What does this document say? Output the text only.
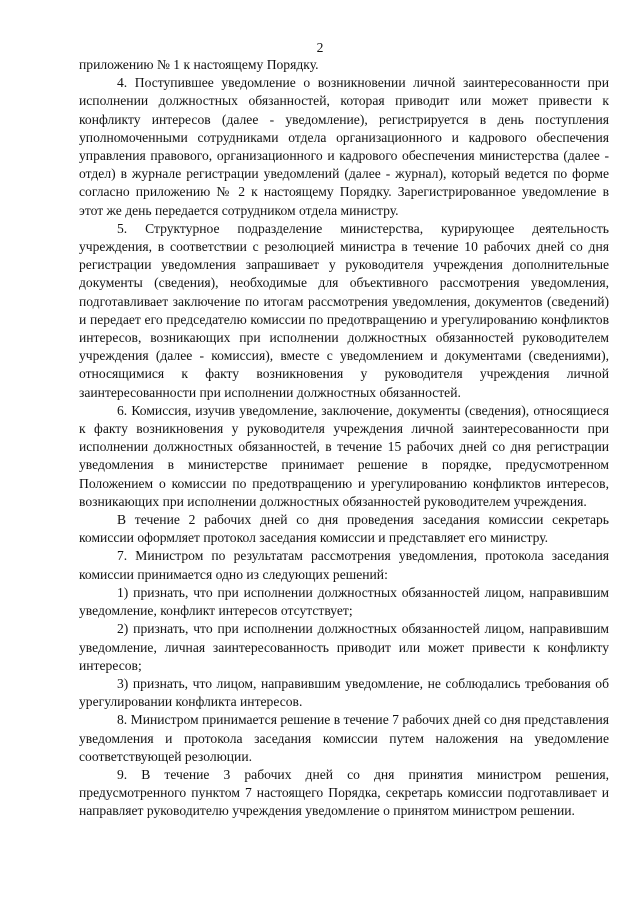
2

приложению № 1 к настоящему Порядку.

4. Поступившее уведомление о возникновении личной заинтересованности при исполнении должностных обязанностей, которая приводит или может привести к конфликту интересов (далее - уведомление), регистрируется в день поступления уполномоченными сотрудниками отдела организационного и кадрового обеспечения управления правового, организационного и кадрового обеспечения министерства (далее - отдел) в журнале регистрации уведомлений (далее - журнал), который ведется по форме согласно приложению № 2 к настоящему Порядку. Зарегистрированное уведомление в этот же день передается сотрудником отдела министру.

5. Структурное подразделение министерства, курирующее деятельность учреждения, в соответствии с резолюцией министра в течение 10 рабочих дней со дня регистрации уведомления запрашивает у руководителя учреждения дополнительные документы (сведения), необходимые для объективного рассмотрения уведомления, подготавливает заключение по итогам рассмотрения уведомления, документов (сведений) и передает его председателю комиссии по предотвращению и урегулированию конфликтов интересов, возникающих при исполнении должностных обязанностей руководителем учреждения (далее - комиссия), вместе с уведомлением и документами (сведениями), относящимися к факту возникновения у руководителя учреждения личной заинтересованности при исполнении должностных обязанностей.

6. Комиссия, изучив уведомление, заключение, документы (сведения), относящиеся к факту возникновения у руководителя учреждения личной заинтересованности при исполнении должностных обязанностей, в течение 15 рабочих дней со дня регистрации уведомления в министерстве принимает решение в порядке, предусмотренном Положением о комиссии по предотвращению и урегулированию конфликтов интересов, возникающих при исполнении должностных обязанностей руководителем учреждения.

В течение 2 рабочих дней со дня проведения заседания комиссии секретарь комиссии оформляет протокол заседания комиссии и представляет его министру.

7. Министром по результатам рассмотрения уведомления, протокола заседания комиссии принимается одно из следующих решений:

1) признать, что при исполнении должностных обязанностей лицом, направившим уведомление, конфликт интересов отсутствует;

2) признать, что при исполнении должностных обязанностей лицом, направившим уведомление, личная заинтересованность приводит или может привести к конфликту интересов;

3) признать, что лицом, направившим уведомление, не соблюдались требования об урегулировании конфликта интересов.

8. Министром принимается решение в течение 7 рабочих дней со дня представления уведомления и протокола заседания комиссии путем наложения на уведомление соответствующей резолюции.

9. В течение 3 рабочих дней со дня принятия министром решения, предусмотренного пунктом 7 настоящего Порядка, секретарь комиссии подготавливает и направляет руководителю учреждения уведомление о принятом министром решении.
